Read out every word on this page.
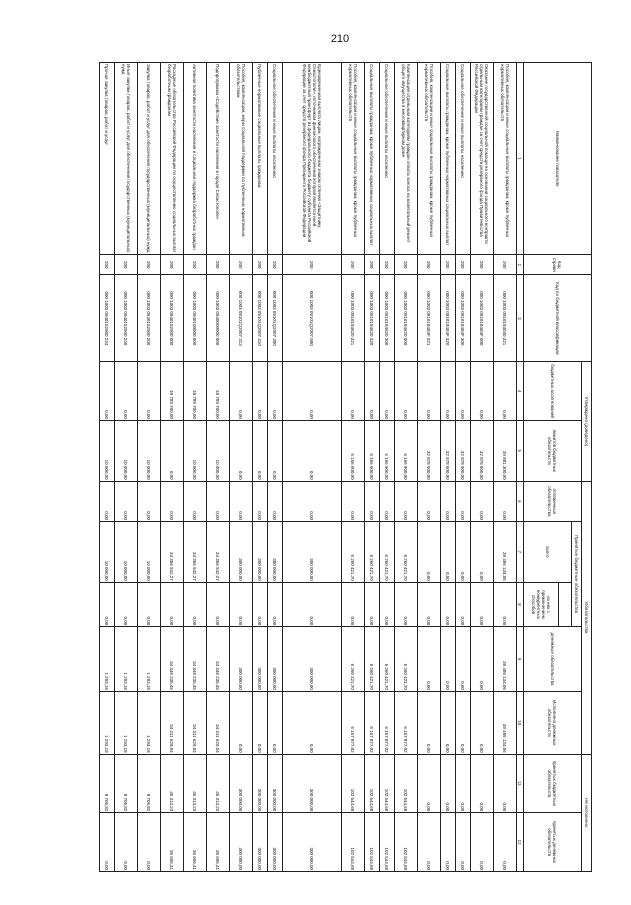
210
Наименование показателя	Код строки	Код по бюджетной классификации	Утверждено (доведено)		Обязательства					Не исполнено	
			бюджетных ассигнований	лимитов бюджетных обязательств	отложенные обязательства	Принятые бюджетные обязательства		денежные обязательства	Исполнено денежных обязательств	принятых бюджетных обязательств	принятых денежных обязательств
						всего					
							из них с применением конкурентных способов				
1	2	3	4	5	6	7	8	9	10	11	12
Пособия, компенсации и иные социальные выплаты гражданам, кроме публичных нормативных обязательств	200	000 1003 0910184040 321	0,00	39 881 300,00	0,00	39 486 134,06	0,00	39 486 134,06	39 486 134,06	0,00	0,00
Оказание государственной социальной помощи на основании социального контракта отдельным категориям граждан за счет средств резервного фонда Правительства Российской Федерации	200	000 1003 091018404F 000	0,00	32 878 900,00	0,00	0,00	0,00	0,00	0,00	0,00	0,00
Социальное обеспечение и иные выплаты населению	200	000 1003 091018404F 300	0,00	32 878 900,00	0,00	0,00	0,00	0,00	0,00	0,00	0,00
Социальные выплаты гражданам, кроме публичных нормативных социальных выплат	200	000 1003 091018404F 320	0,00	32 878 900,00	0,00	0,00	0,00	0,00	0,00	0,00	0,00
Пособия, компенсации и иные социальные выплаты гражданам, кроме публичных нормативных обязательств	200	000 1003 091018404F 321	0,00	32 878 900,00	0,00	0,00	0,00	0,00	0,00	0,00	0,00
Компенсация отдельным категориям граждан оплаты взноса на капитальный ремонт общего имущества в многоквартирном доме	200	000 1003 0910184620 000	0,00	6 166 900,00	0,00	6 260 421,70	0,00	6 260 421,70	6 157 877,02	102 544,68	102 544,68
Социальное обеспечение и иные выплаты населению	200	000 1003 0910184620 300	0,00	6 166 900,00	0,00	6 260 421,70	0,00	6 260 421,70	6 157 877,02	102 544,68	102 544,68
Социальные выплаты гражданам, кроме публичных нормативных социальных выплат	200	000 1003 0910184620 320	0,00	6 166 900,00	0,00	6 260 421,70	0,00	6 260 421,70	6 157 877,02	102 544,68	102 544,68
Пособия, компенсации и иные социальные выплаты гражданам, кроме публичных нормативных обязательств	200	000 1003 0910184620 321	0,00	6 166 900,00	0,00	6 260 421,70	0,00	6 260 421,70	6 157 877,02	102 544,68	102 544,68
Единовременная выплата лицам, награжденным знаком отличия «Защитнику Севастополя», источником финансового обеспечения которой является иной межбюджетный трансферт из федерального бюджета бюджету субъекта Российской Федерации за счет средств резервного фонда Президента Российской Федерации	200	000 1003 09101Q2007 000	0,00	0,00	0,00	300 000,00	0,00	300 000,00	0,00	300 000,00	300 000,00
Социальное обеспечение и иные выплаты населению	200	000 1003 09101Q2007 300	0,00	0,00	0,00	300 000,00	0,00	300 000,00	0,00	300 000,00	300 000,00
Публичные нормативные социальные выплаты гражданам	200	000 1003 09101Q2007 310	0,00	0,00	0,00	300 000,00	0,00	300 000,00	0,00	300 000,00	300 000,00
Пособия, компенсации, меры социальной поддержки по публичным нормативным обязательствам	200	000 1003 09101Q2007 313	0,00	0,00	0,00	300 000,00	0,00	300 000,00	0,00	300 000,00	300 000,00
Подпрограмма «Содействие занятости населения в городе Севастополе»	200	000 1003 0940000000 000	49 789 700,00	10 000,00	0,00	34 356 942,27	0,00	34 348 235,45	34 311 629,04	45 313,23	36 606,41
Активная политика занятости населения и социальная поддержка безработных граждан	200	000 1003 0940100000 000	49 789 700,00	10 000,00	0,00	34 356 942,27	0,00	34 348 235,45	34 311 629,04	45 313,23	36 606,41
Расходные обязательства Российской Федерации по осуществлению социальных выплат безработным гражданам	200	000 1003 0940152900 000	49 789 700,00	0,00	0,00	34 356 942,27	0,00	34 348 235,45	34 311 629,04	45 313,23	36 606,41
Закупка товаров, работ и услуг для обеспечения государственных (муниципальных) нужд	200	000 1003 0940152900 200	0,00	10 000,00	0,00	10 000,00	0,00	1 293,18	1 293,18	8 706,82	0,00
Иные закупки товаров, работ и услуг для обеспечения государственных (муниципальных) нужд	200	000 1003 0940152900 240	0,00	10 000,00	0,00	10 000,00	0,00	1 293,18	1 293,18	8 706,82	0,00
Прочая закупка товаров, работ и услуг	200	000 1003 0940152900 244	0,00	10 000,00	0,00	10 000,00	0,00	1 293,18	1 293,18	8 706,82	0,00
